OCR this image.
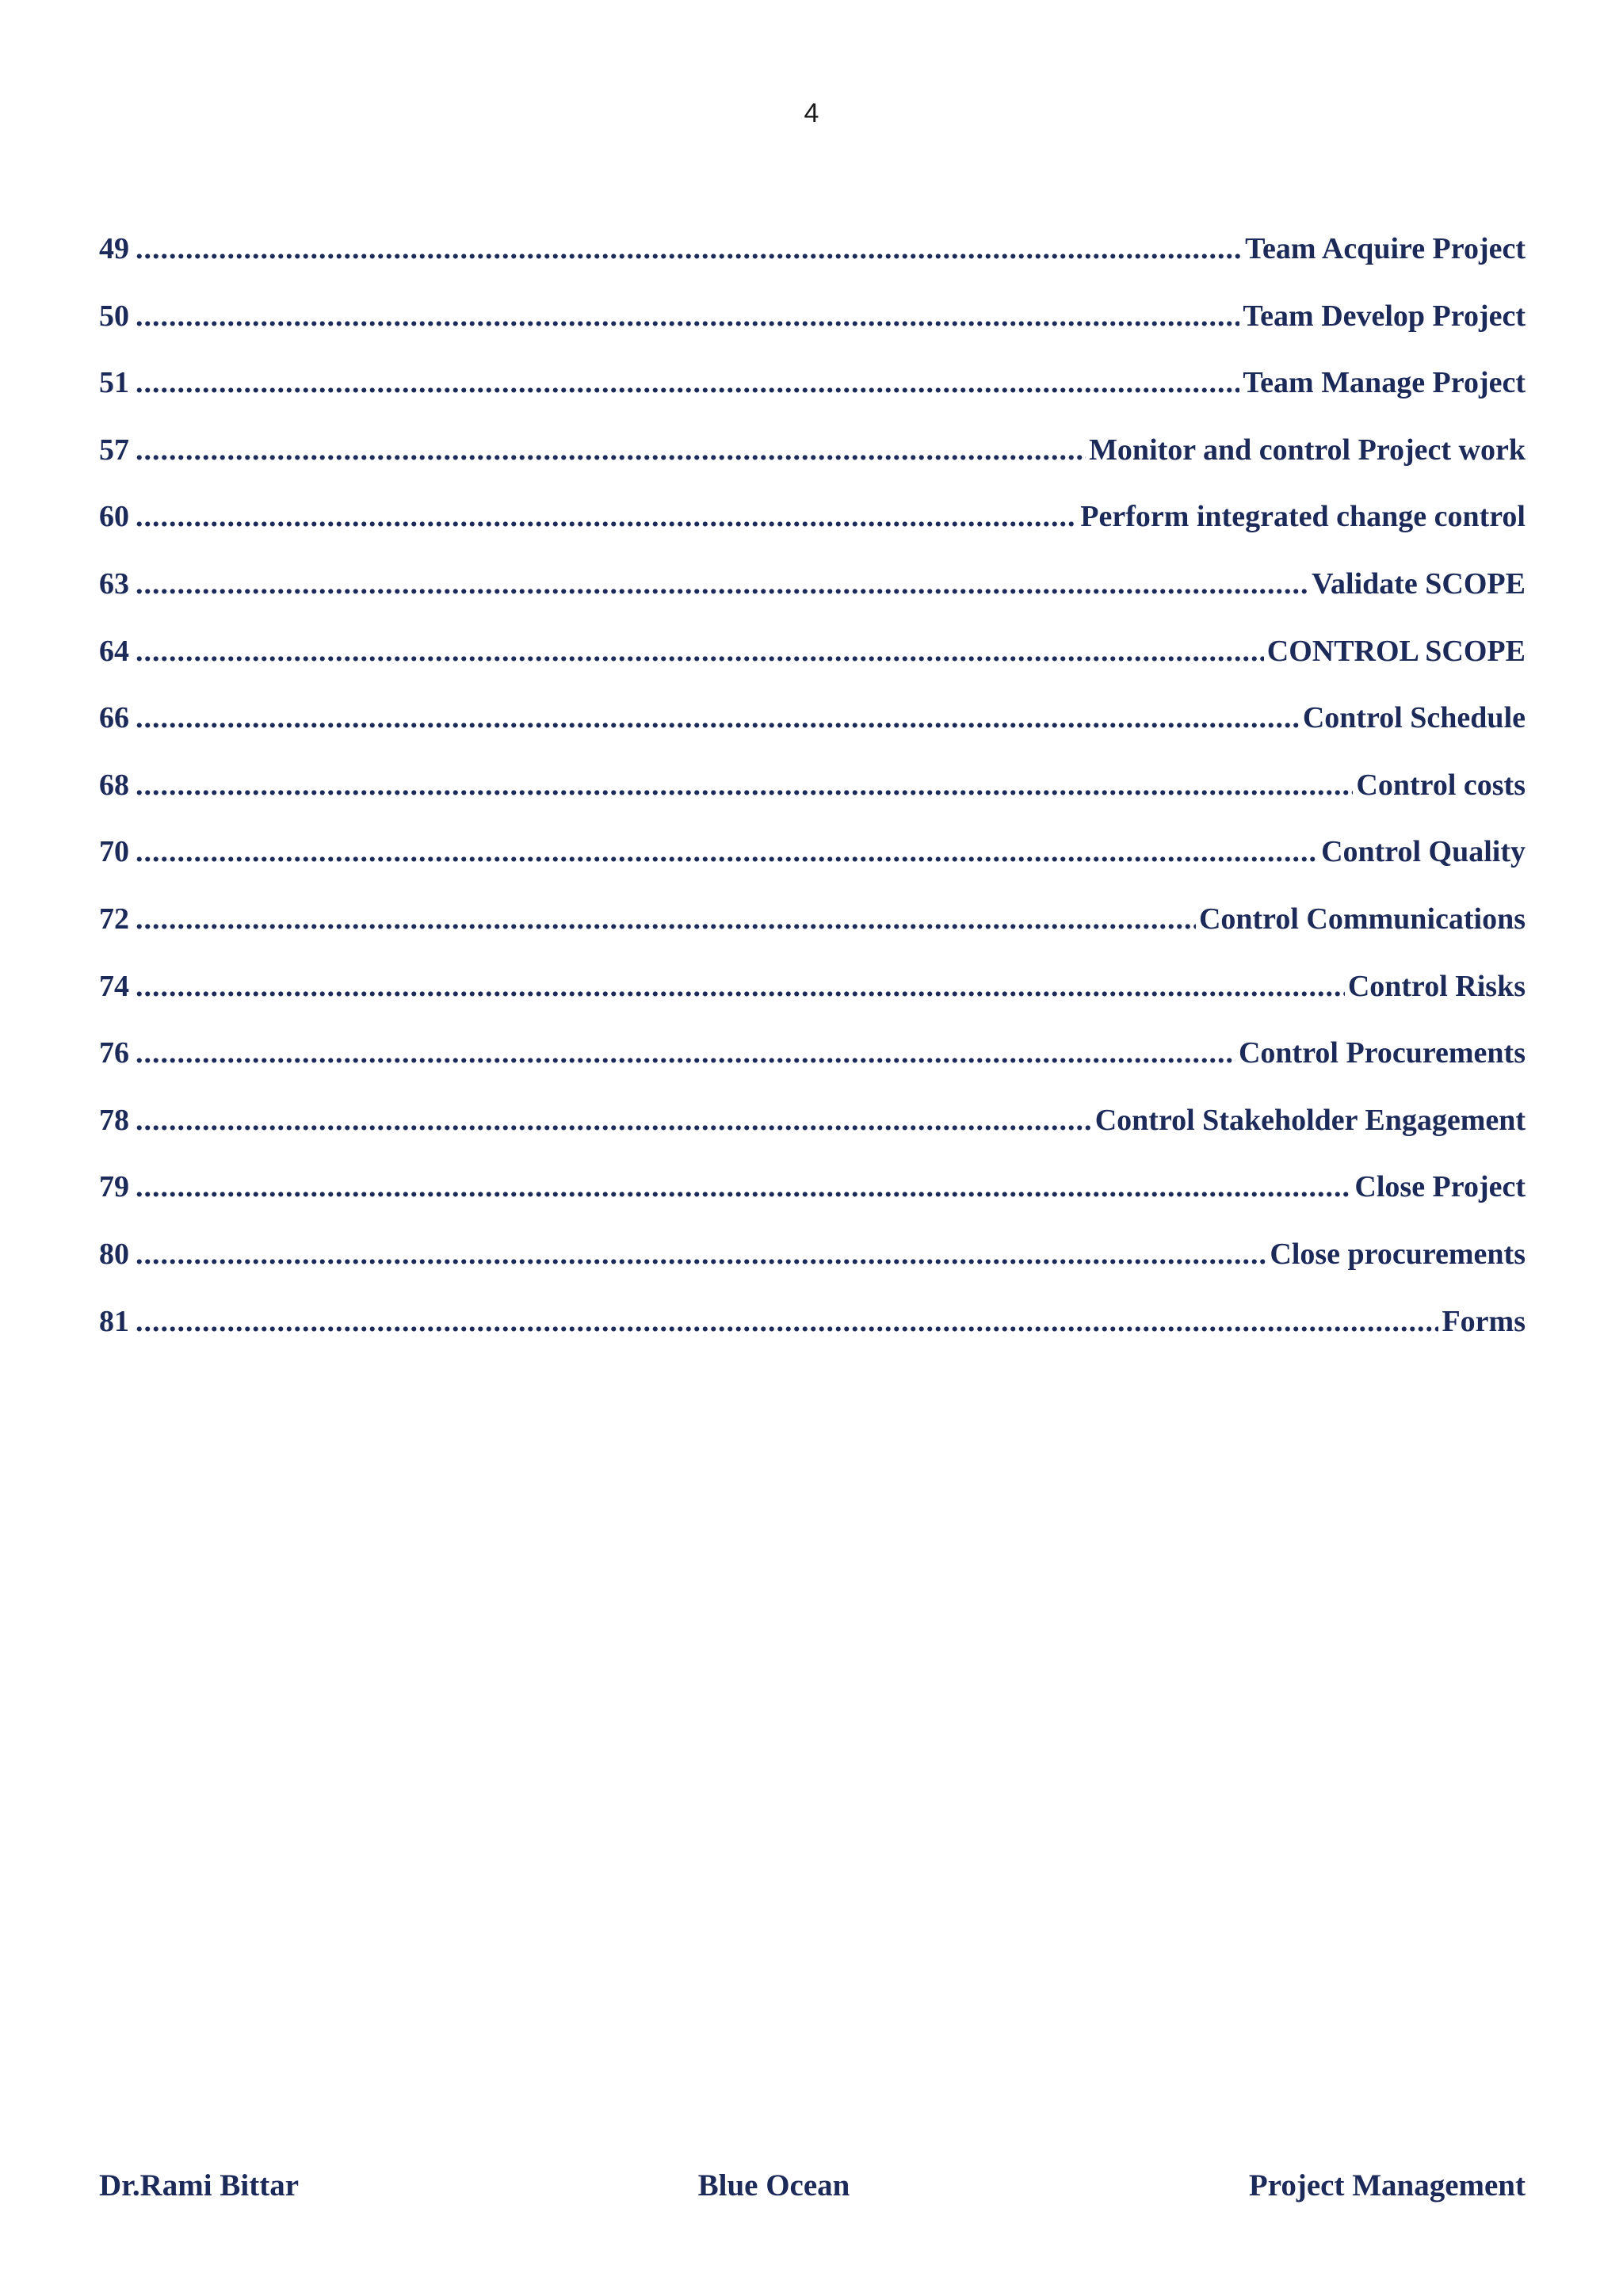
4
49 .....	Team Acquire Project
50 .....	Team Develop Project
51 .....	Team Manage Project
57 .....	Monitor and control Project work
60 .....	Perform integrated change control
63 .....	Validate SCOPE
64 .....	CONTROL SCOPE
66 .....	Control Schedule
68 .....	Control costs
70 .....	Control Quality
72 .....	Control Communications
74 .....	Control Risks
76 .....	Control Procurements
78 .....	Control Stakeholder Engagement
79 .....	Close Project
80 .....	Close procurements
81 .....	Forms
Dr.Rami Bittar	Blue Ocean	Project Management
